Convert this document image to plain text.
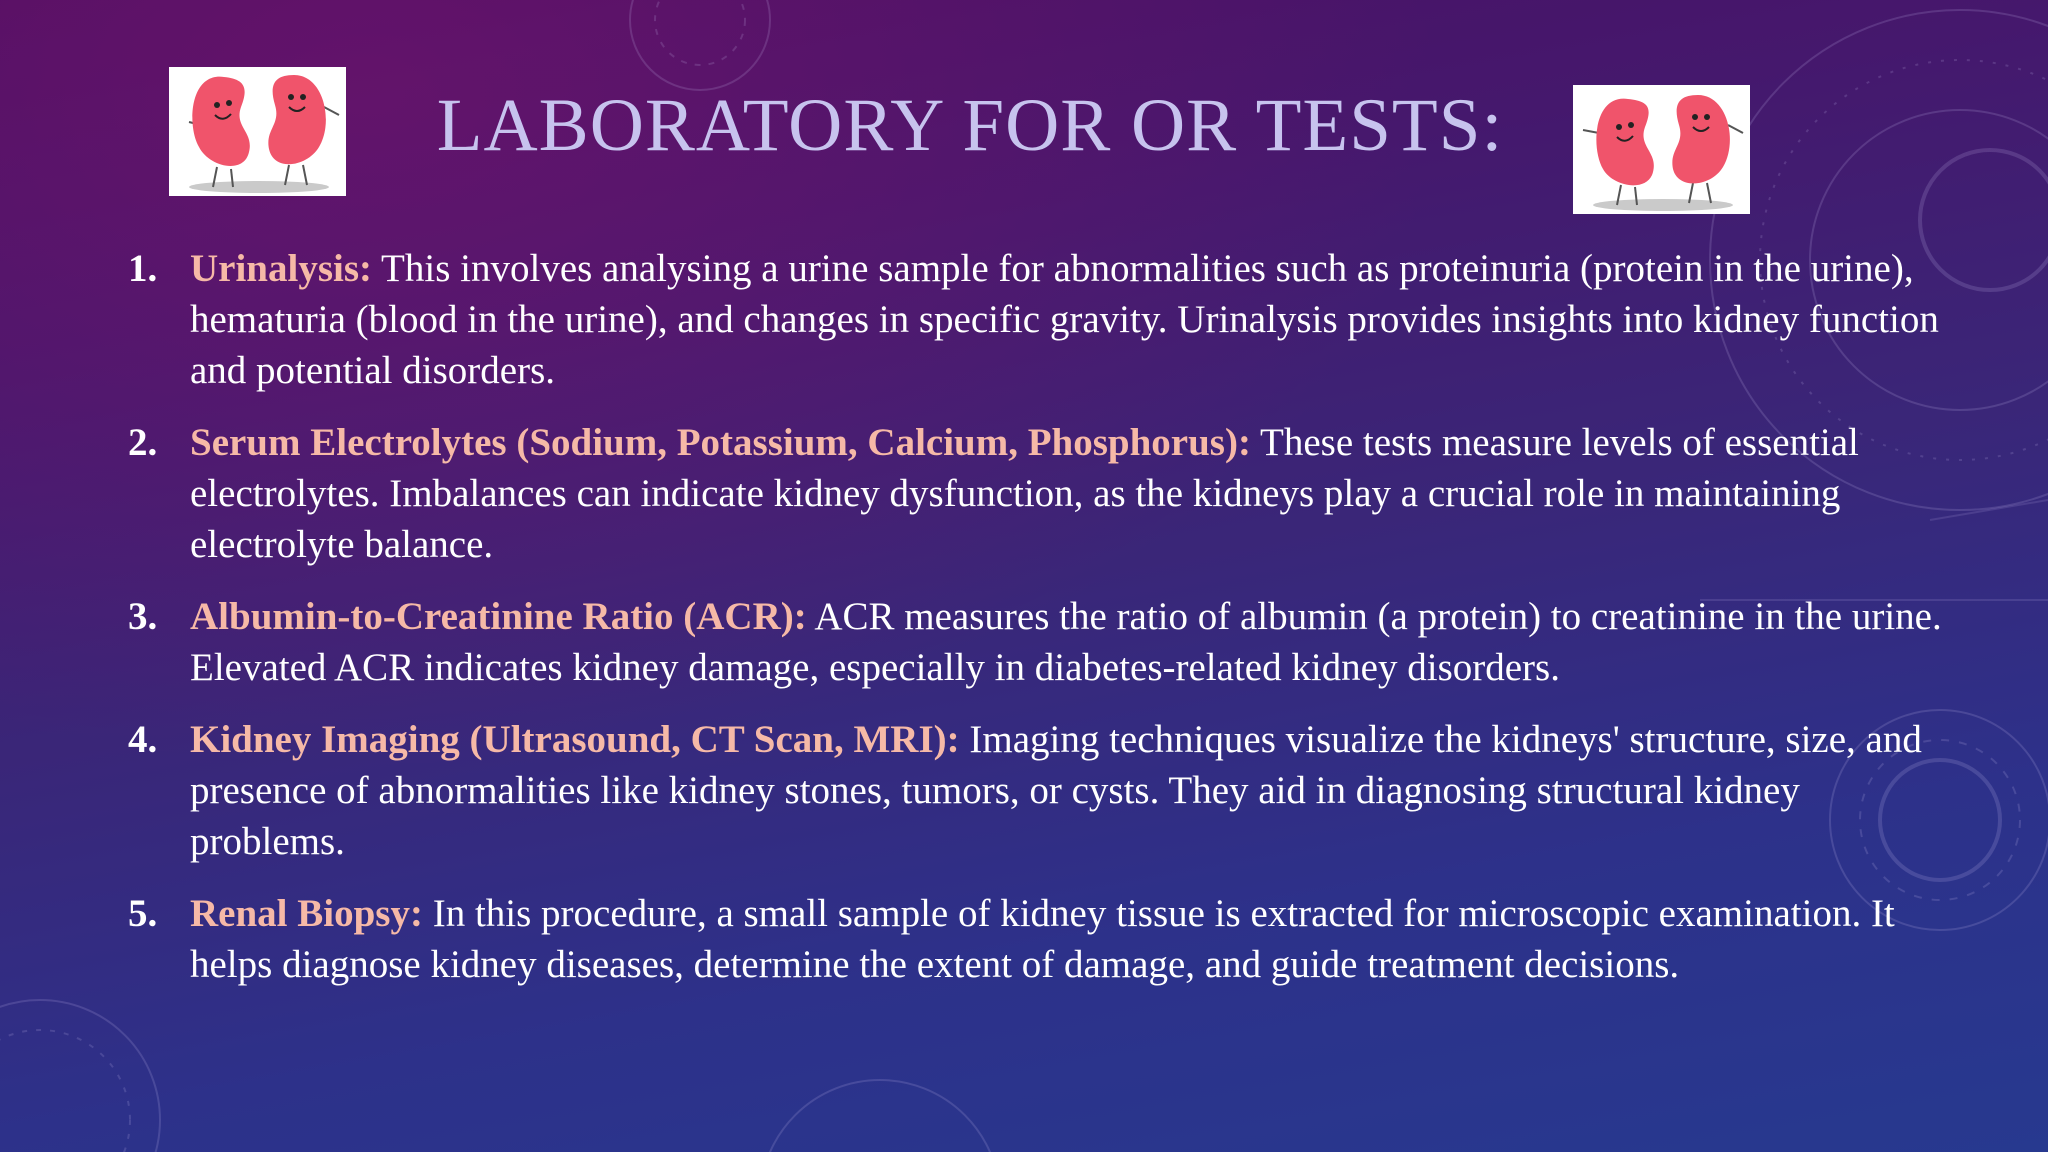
LABORATORY FOR OR TESTS:
1. Urinalysis: This involves analysing a urine sample for abnormalities such as proteinuria (protein in the urine), hematuria (blood in the urine), and changes in specific gravity. Urinalysis provides insights into kidney function and potential disorders.
2. Serum Electrolytes (Sodium, Potassium, Calcium, Phosphorus): These tests measure levels of essential electrolytes. Imbalances can indicate kidney dysfunction, as the kidneys play a crucial role in maintaining electrolyte balance.
3. Albumin-to-Creatinine Ratio (ACR): ACR measures the ratio of albumin (a protein) to creatinine in the urine. Elevated ACR indicates kidney damage, especially in diabetes-related kidney disorders.
4. Kidney Imaging (Ultrasound, CT Scan, MRI): Imaging techniques visualize the kidneys' structure, size, and presence of abnormalities like kidney stones, tumors, or cysts. They aid in diagnosing structural kidney problems.
5. Renal Biopsy: In this procedure, a small sample of kidney tissue is extracted for microscopic examination. It helps diagnose kidney diseases, determine the extent of damage, and guide treatment decisions.
